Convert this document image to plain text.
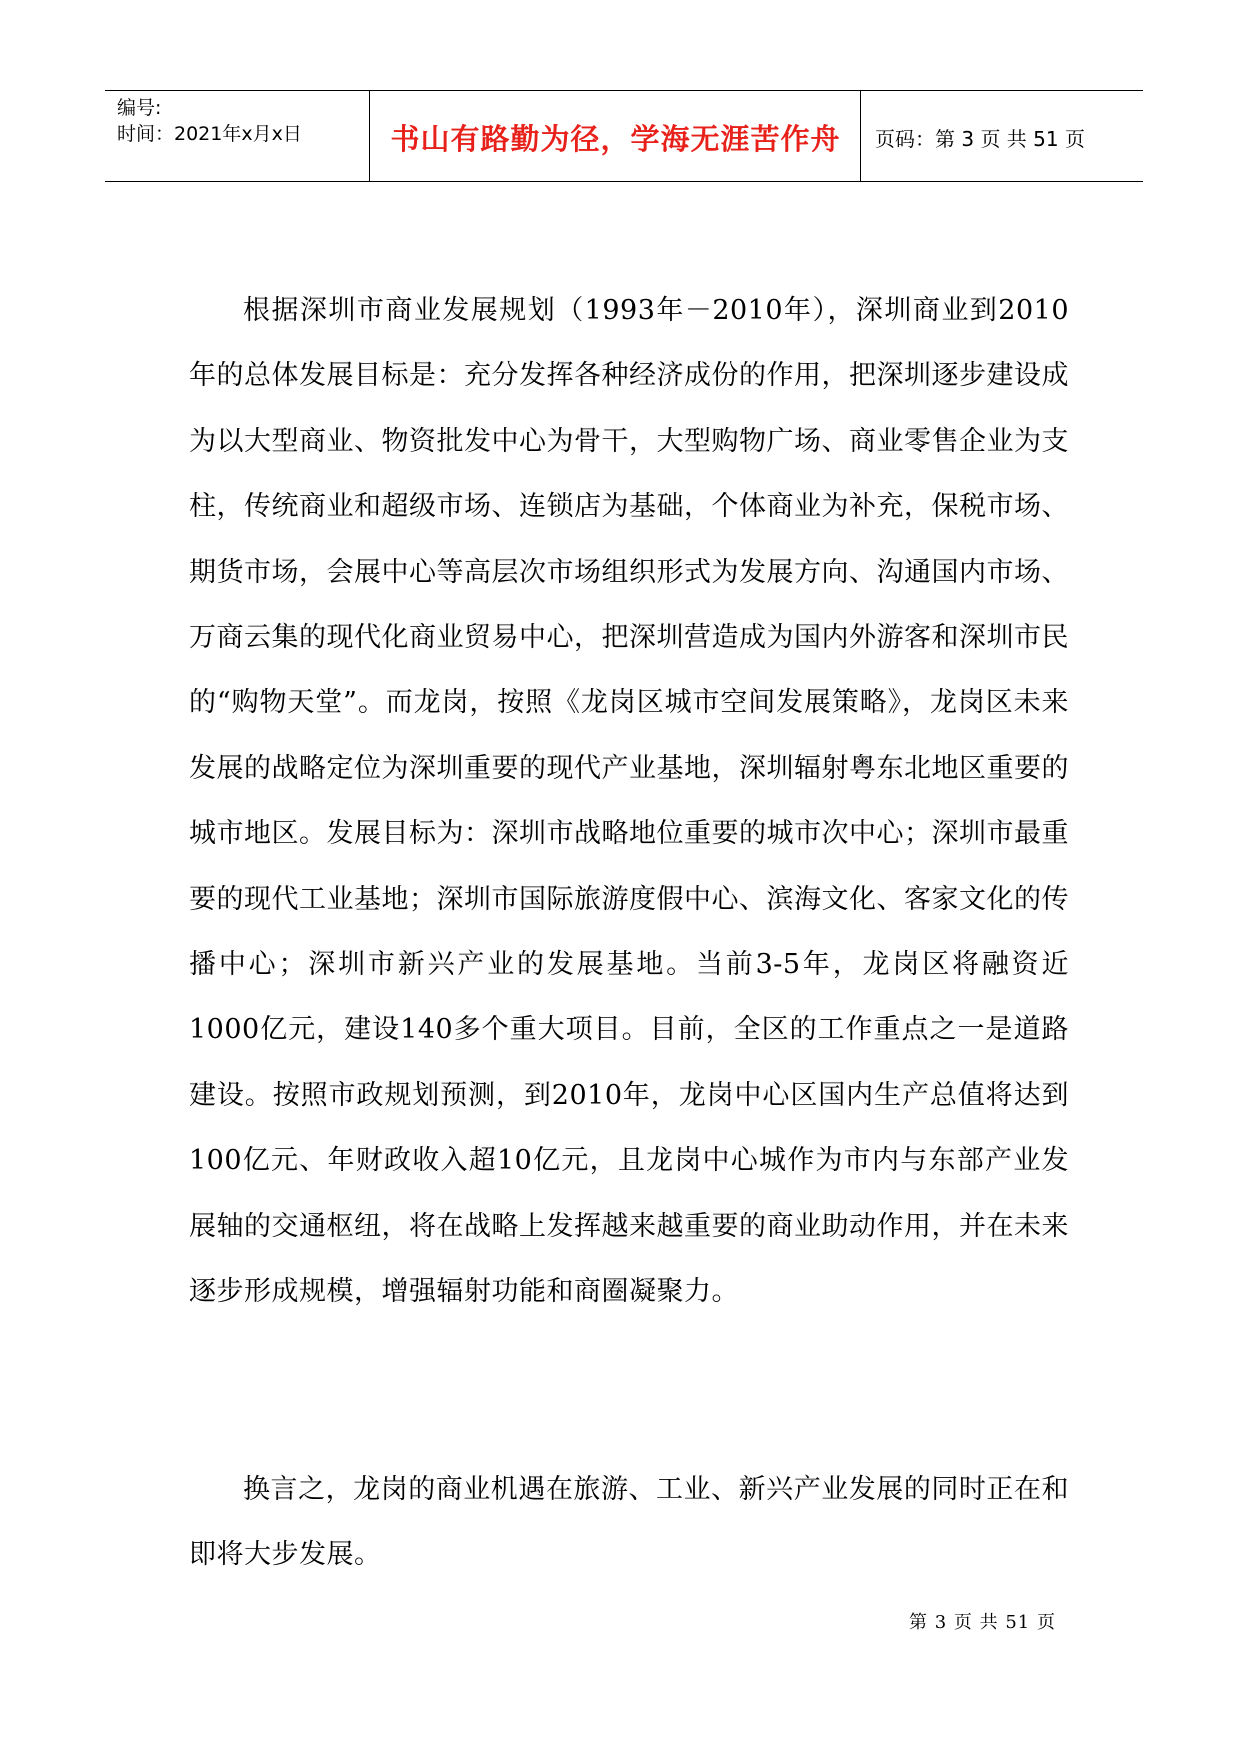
编号:
时间：2021年x月x日	书山有路勤为径，学海无涯苦作舟	页码：第 3 页 共 51 页
根据深圳市商业发展规划（1993年－2010年），深圳商业到2010年的总体发展目标是：充分发挥各种经济成份的作用，把深圳逐步建设成为以大型商业、物资批发中心为骨干，大型购物广场、商业零售企业为支柱，传统商业和超级市场、连锁店为基础，个体商业为补充，保税市场、期货市场，会展中心等高层次市场组织形式为发展方向、沟通国内市场、万商云集的现代化商业贸易中心，把深圳营造成为国内外游客和深圳市民的“购物天堂”。而龙岗，按照《龙岗区城市空间发展策略》，龙岗区未来发展的战略定位为深圳重要的现代产业基地，深圳辐射粤东北地区重要的城市地区。发展目标为：深圳市战略地位重要的城市次中心；深圳市最重要的现代工业基地；深圳市国际旅游度假中心、滨海文化、客家文化的传播中心；深圳市新兴产业的发展基地。当前3-5年，龙岗区将融资近1000亿元，建设140多个重大项目。目前，全区的工作重点之一是道路建设。按照市政规划预测，到2010年，龙岗中心区国内生产总值将达到100亿元、年财政收入超10亿元，且龙岗中心城作为市内与东部产业发展轴的交通枢纽，将在战略上发挥越来越重要的商业助动作用，并在未来逐步形成规模，增强辐射功能和商圈凝聚力。
换言之，龙岗的商业机遇在旅游、工业、新兴产业发展的同时正在和即将大步发展。
第 3 页 共 51 页
